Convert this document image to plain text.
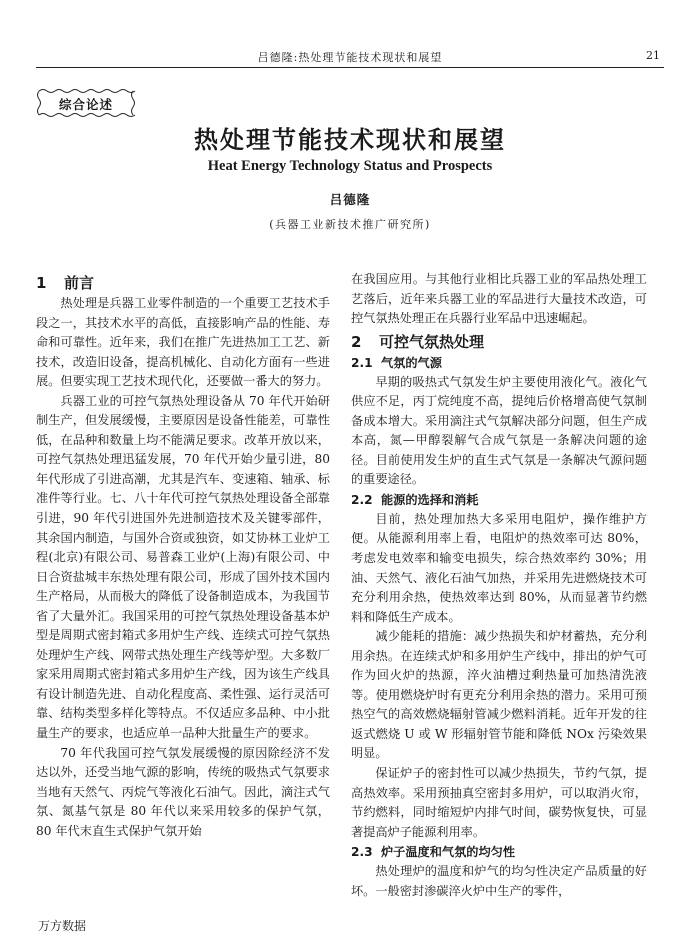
吕德隆:热处理节能技术现状和展望	21
综合论述
热处理节能技术现状和展望
Heat Energy Technology Status and Prospects
吕德隆
(兵器工业新技术推广研究所)
1 前言

热处理是兵器工业零件制造的一个重要工艺技术手段之一，其技术水平的高低，直接影响产品的性能、寿命和可靠性。近年来，我们在推广先进热加工工艺、新技术，改造旧设备，提高机械化、自动化方面有一些进展。但要实现工艺技术现代化，还要做一番大的努力。

兵器工业的可控气氛热处理设备从 70 年代开始研制生产，但发展缓慢，主要原因是设备性能差，可靠性低，在品种和数量上均不能满足要求。改革开放以来，可控气氛热处理迅猛发展，70 年代开始少量引进，80 年代形成了引进高潮，尤其是汽车、变速箱、轴承、标准件等行业。七、八十年代可控气氛热处理设备全部靠引进，90 年代引进国外先进制造技术及关键零部件，其余国内制造，与国外合资或独资，如艾协林工业炉工程(北京)有限公司、易普森工业炉(上海)有限公司、中日合资盐城丰东热处理有限公司，形成了国外技术国内生产格局，从而极大的降低了设备制造成本，为我国节省了大量外汇。我国采用的可控气氛热处理设备基本炉型是周期式密封箱式多用炉生产线、连续式可控气氛热处理炉生产线、网带式热处理生产线等炉型。大多数厂家采用周期式密封箱式多用炉生产线，因为该生产线具有设计制造先进、自动化程度高、柔性强、运行灵活可靠、结构类型多样化等特点。不仅适应多品种、中小批量生产的要求，也适应单一品种大批量生产的要求。

70 年代我国可控气氛发展缓慢的原因除经济不发达以外，还受当地气源的影响，传统的吸热式气氛要求当地有天然气、丙烷气等液化石油气。因此，滴注式气氛、氮基气氛是 80 年代以来采用较多的保护气氛，80 年代末直生式保护气氛开始

在我国应用。与其他行业相比兵器工业的军品热处理工艺落后，近年来兵器工业的军品进行大量技术改造，可控气氛热处理正在兵器行业军品中迅速崛起。

2 可控气氛热处理
2.1 气氛的气源

早期的吸热式气氛发生炉主要使用液化气。液化气供应不足，丙丁烷纯度不高，提纯后价格增高使气氛制备成本增大。采用滴注式气氛解决部分问题，但生产成本高，氮—甲醇裂解气合成气氛是一条解决问题的途径。目前使用发生炉的直生式气氛是一条解决气源问题的重要途径。

2.2 能源的选择和消耗

目前，热处理加热大多采用电阻炉，操作维护方便。从能源利用率上看，电阻炉的热效率可达 80%，考虑发电效率和输变电损失，综合热效率约 30%；用油、天然气、液化石油气加热，并采用先进燃烧技术可充分利用余热，使热效率达到 80%，从而显著节约燃料和降低生产成本。

减少能耗的措施：减少热损失和炉材蓄热，充分利用余热。在连续式炉和多用炉生产线中，排出的炉气可作为回火炉的热源，淬火油槽过剩热量可加热清洗液等。使用燃烧炉时有更充分利用余热的潜力。采用可预热空气的高效燃烧辐射管减少燃料消耗。近年开发的往返式燃烧 U 或 W 形辐射管节能和降低 NOx 污染效果明显。

保证炉子的密封性可以减少热损失，节约气氛，提高热效率。采用预抽真空密封多用炉，可以取消火帘，节约燃料，同时缩短炉内排气时间，碳势恢复快，可显著提高炉子能源利用率。

2.3 炉子温度和气氛的均匀性

热处理炉的温度和炉气的均匀性决定产品质量的好坏。一般密封渗碳淬火炉中生产的零件，

万方数据
